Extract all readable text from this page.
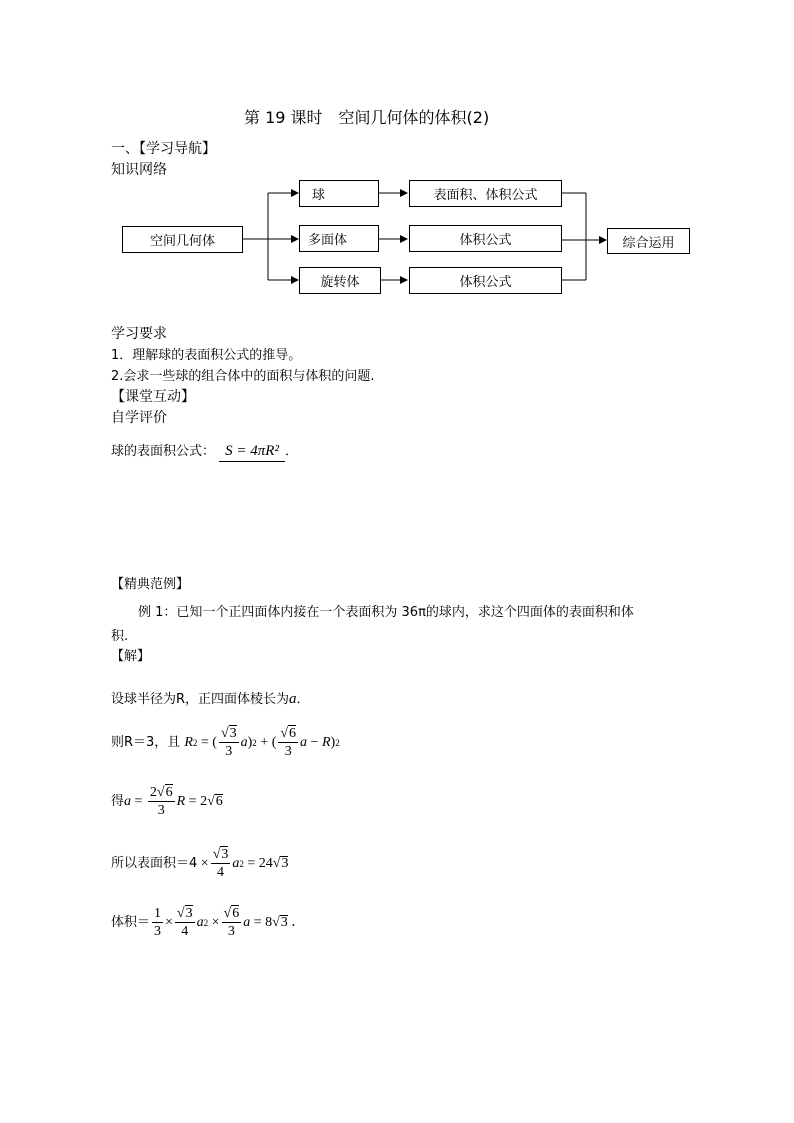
第 19 课时　空间几何体的体积(2)
一、【学习导航】
知识网络
空间几何体
球
多面体
旋转体
表面积、体积公式
体积公式
体积公式
综合运用
学习要求
1．理解球的表面积公式的推导。
2.会求一些球的组合体中的面积与体积的问题.
【课堂互动】
自学评价
球的表面积公式： S = 4πR² ．
【精典范例】
例 1：已知一个正四面体内接在一个表面积为 36π的球内，求这个四面体的表面积和体
积.
【解】
设球半径为R，正四面体棱长为a．
则R＝3，且 R 2 = ( $\frac{√3}{3}$ a ) 2 + ( $\frac{√6}{3}$ a − R ) 2
得 $a = \frac{2√6}{3}$ R = 2√ 6
所以表面积$=4 \times \frac{√3}{4}$ a 2 = 24√ 3
体积＝ $\frac{1}{3} \times \frac{√3}{4}$ a $2 \times \frac{√6}{3}$ a = 8√ 3 ．
